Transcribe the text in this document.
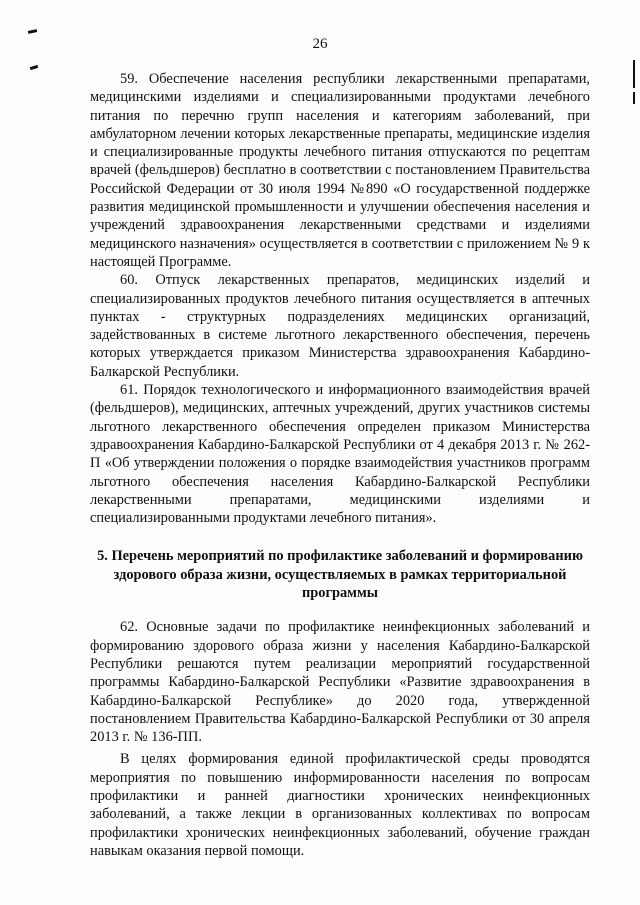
26

59. Обеспечение населения республики лекарственными препаратами, медицинскими изделиями и специализированными продуктами лечебного питания по перечню групп населения и категориям заболеваний, при амбулаторном лечении которых лекарственные препараты, медицинские изделия и специализированные продукты лечебного питания отпускаются по рецептам врачей (фельдшеров) бесплатно в соответствии с постановлением Правительства Российской Федерации от 30 июля 1994 №890 «О государственной поддержке развития медицинской промышленности и улучшении обеспечения населения и учреждений здравоохранения лекарственными средствами и изделиями медицинского назначения» осуществляется в соответствии с приложением № 9 к настоящей Программе.

60. Отпуск лекарственных препаратов, медицинских изделий и специализированных продуктов лечебного питания осуществляется в аптечных пунктах - структурных подразделениях медицинских организаций, задействованных в системе льготного лекарственного обеспечения, перечень которых утверждается приказом Министерства здравоохранения Кабардино-Балкарской Республики.

61. Порядок технологического и информационного взаимодействия врачей (фельдшеров), медицинских, аптечных учреждений, других участников системы льготного лекарственного обеспечения определен приказом Министерства здравоохранения Кабардино-Балкарской Республики от 4 декабря 2013 г. № 262-П «Об утверждении положения о порядке взаимодействия участников программ льготного обеспечения населения Кабардино-Балкарской Республики лекарственными препаратами, медицинскими изделиями и специализированными продуктами лечебного питания».

5. Перечень мероприятий по профилактике заболеваний и формированию здорового образа жизни, осуществляемых в рамках территориальной программы

62. Основные задачи по профилактике неинфекционных заболеваний и формированию здорового образа жизни у населения Кабардино-Балкарской Республики решаются путем реализации мероприятий государственной программы Кабардино-Балкарской Республики «Развитие здравоохранения в Кабардино-Балкарской Республике» до 2020 года, утвержденной постановлением Правительства Кабардино-Балкарской Республики от 30 апреля 2013 г. № 136-ПП.

В целях формирования единой профилактической среды проводятся мероприятия по повышению информированности населения по вопросам профилактики и ранней диагностики хронических неинфекционных заболеваний, а также лекции в организованных коллективах по вопросам профилактики хронических неинфекционных заболеваний, обучение граждан навыкам оказания первой помощи.
